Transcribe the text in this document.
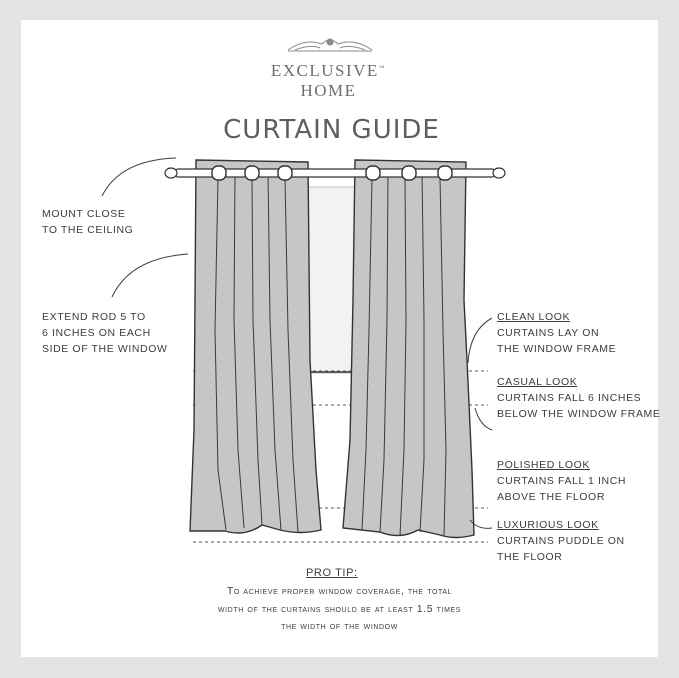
EXCLUSIVE™
HOME
CURTAIN GUIDE
MOUNT CLOSE
TO THE CEILING
EXTEND ROD 5 TO
6 INCHES ON EACH
SIDE OF THE WINDOW
CLEAN LOOK
CURTAINS LAY ON
THE WINDOW FRAME
CASUAL LOOK
CURTAINS FALL 6 INCHES
BELOW THE WINDOW FRAME
POLISHED LOOK
CURTAINS FALL 1 INCH
ABOVE THE FLOOR
LUXURIOUS LOOK
CURTAINS PUDDLE ON
THE FLOOR
PRO TIP:
To achieve proper window coverage, the total
width of the curtains should be at least 1.5 times
the width of the window
